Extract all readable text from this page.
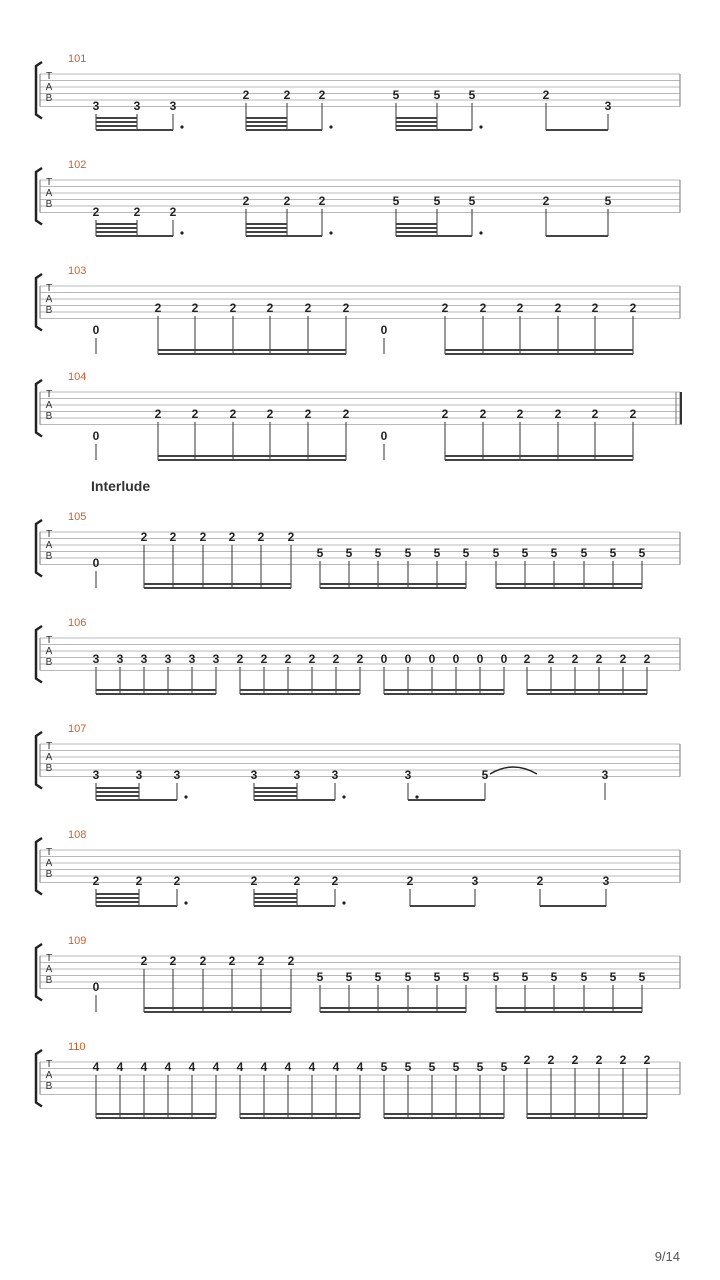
T
A
B
101
3	3 3
2	2 2	5	5 5	2
3
T
A
B
102
2	2 2
2	2 2	5	5 5	2	5
T
A
B
103
0
2	2	2	2	2	2
0
2	2	2	2	2	2
T
A
B
104
0
2	2	2	2	2	2
0
2	2	2	2	2	2
T
A
B
105
0
2 2 2 2 2 2
5 5 5 5 5 5 5 5 5 5 5 5
T
A
B
106
3 3 3 3 3 3 2 2 2 2 2 2 0 0 0 0 0 0 2 2 2 2 2 2
T
A
B
107
3	3	3	3	3	3	3	5	3
T
A
B
108
2	2	2	2	2	2	2	3	2	3
T
A
B
109
0
2 2 2 2 2 2
5 5 5 5 5 5 5 5 5 5 5 5
T
A
B
110
4 4 4 4 4 4 4 4 4 4 4 4 5 5 5 5 5 5 2 2 2 2 2 2
Interlude
9/14
